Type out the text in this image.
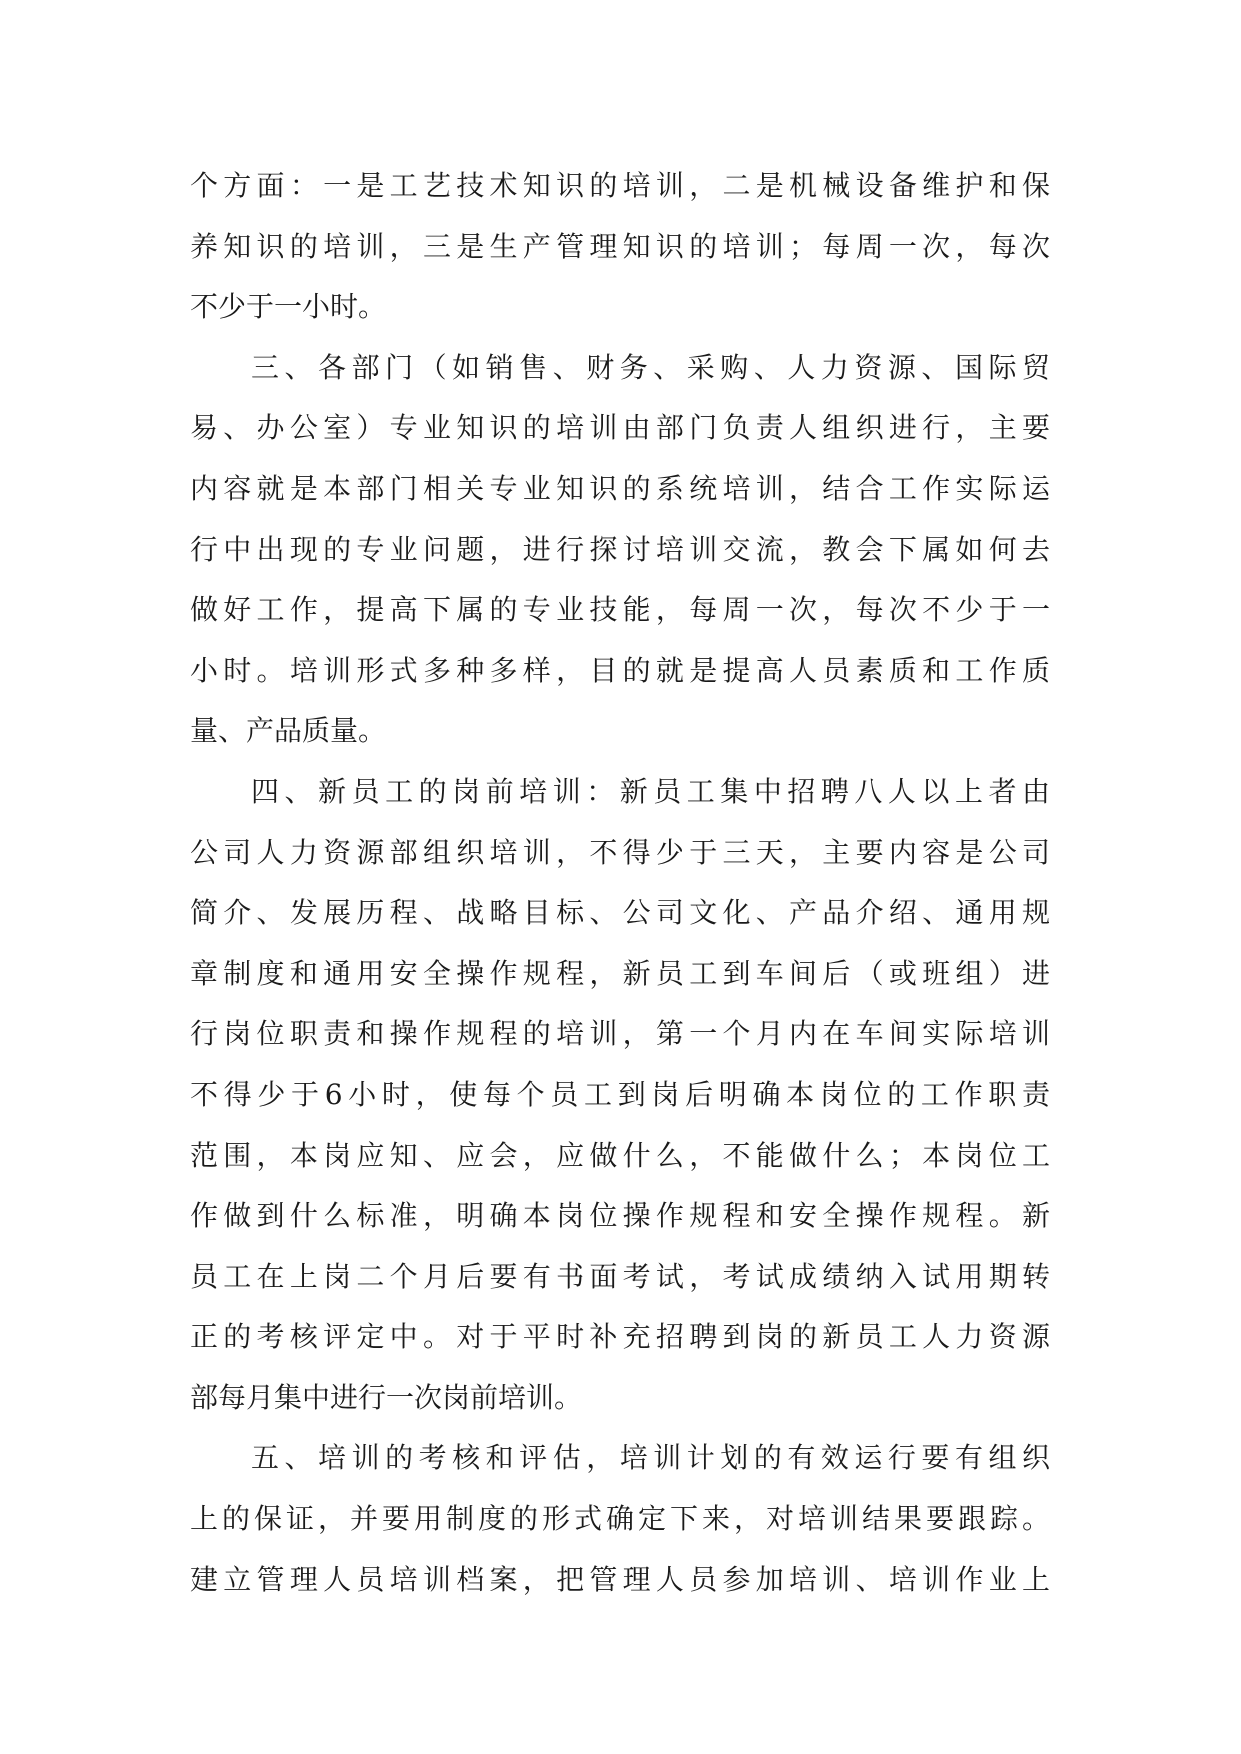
个方面：一是工艺技术知识的培训，二是机械设备维护和保
养知识的培训，三是生产管理知识的培训；每周一次，每次
不少于一小时。
三、各部门（如销售、财务、采购、人力资源、国际贸
易、办公室）专业知识的培训由部门负责人组织进行，主要
内容就是本部门相关专业知识的系统培训，结合工作实际运
行中出现的专业问题，进行探讨培训交流，教会下属如何去
做好工作，提高下属的专业技能，每周一次，每次不少于一
小时。培训形式多种多样，目的就是提高人员素质和工作质
量、产品质量。
四、新员工的岗前培训：新员工集中招聘八人以上者由
公司人力资源部组织培训，不得少于三天，主要内容是公司
简介、发展历程、战略目标、公司文化、产品介绍、通用规
章制度和通用安全操作规程，新员工到车间后（或班组）进
行岗位职责和操作规程的培训，第一个月内在车间实际培训
不得少于6小时，使每个员工到岗后明确本岗位的工作职责
范围，本岗应知、应会，应做什么，不能做什么；本岗位工
作做到什么标准，明确本岗位操作规程和安全操作规程。新
员工在上岗二个月后要有书面考试，考试成绩纳入试用期转
正的考核评定中。对于平时补充招聘到岗的新员工人力资源
部每月集中进行一次岗前培训。
五、培训的考核和评估，培训计划的有效运行要有组织
上的保证，并要用制度的形式确定下来，对培训结果要跟踪。
建立管理人员培训档案，把管理人员参加培训、培训作业上
